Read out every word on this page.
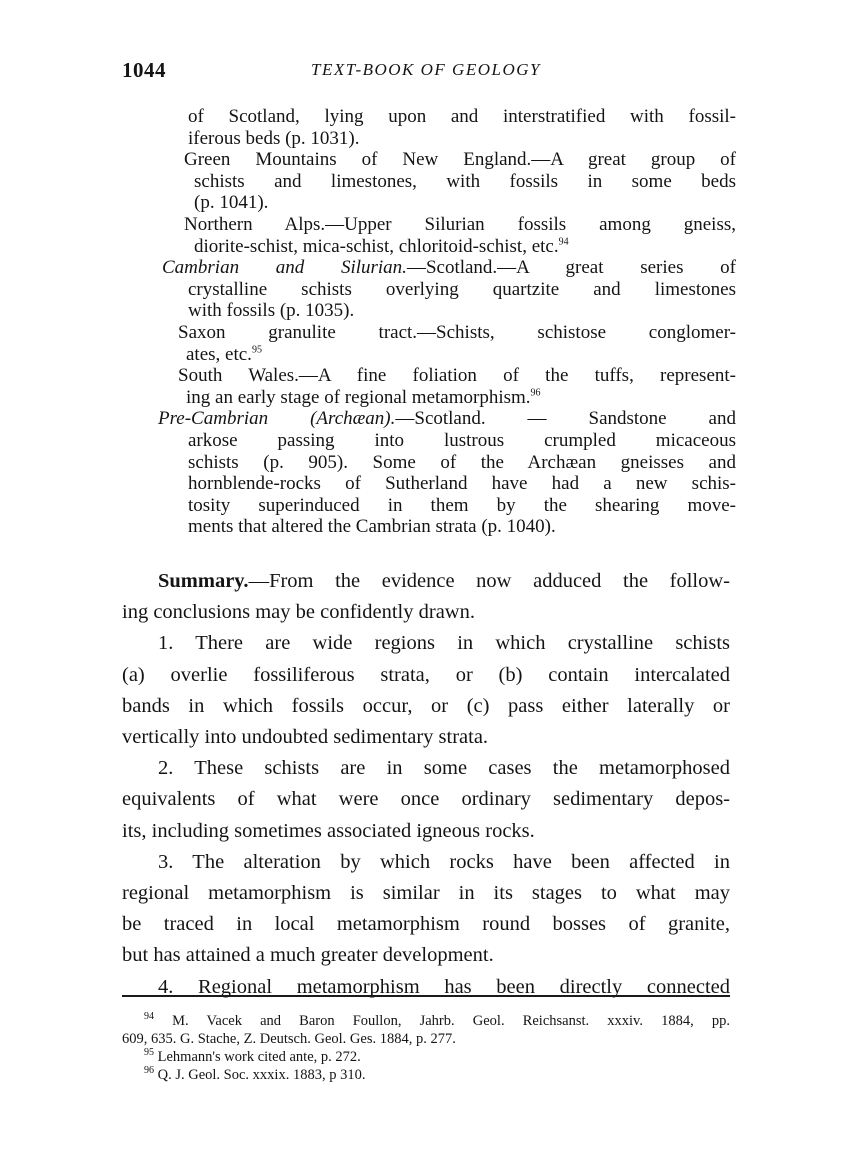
1044	TEXT-BOOK OF GEOLOGY
of Scotland, lying upon and interstratified with fossil-
iferous beds (p. 1031).
Green Mountains of New England.—A great group of
schists and limestones, with fossils in some beds
(p. 1041).
Northern Alps.—Upper Silurian fossils among gneiss,
diorite-schist, mica-schist, chloritoid-schist, etc.$^{94}$
Cambrian and Silurian.—Scotland.—A great series of
crystalline schists overlying quartzite and limestones
with fossils (p. 1035).
Saxon granulite tract.—Schists, schistose conglomer-
ates, etc.$^{95}$
South Wales.—A fine foliation of the tuffs, represent-
ing an early stage of regional metamorphism.$^{96}$
Pre-Cambrian (Archæan).—Scotland. — Sandstone and
arkose passing into lustrous crumpled micaceous
schists (p. 905). Some of the Archæan gneisses and
hornblende-rocks of Sutherland have had a new schis-
tosity superinduced in them by the shearing move-
ments that altered the Cambrian strata (p. 1040).
Summary.—From the evidence now adduced the follow-
ing conclusions may be confidently drawn.
1. There are wide regions in which crystalline schists
(a) overlie fossiliferous strata, or (b) contain intercalated
bands in which fossils occur, or (c) pass either laterally or
vertically into undoubted sedimentary strata.
2. These schists are in some cases the metamorphosed
equivalents of what were once ordinary sedimentary depos-
its, including sometimes associated igneous rocks.
3. The alteration by which rocks have been affected in
regional metamorphism is similar in its stages to what may
be traced in local metamorphism round bosses of granite,
but has attained a much greater development.
4. Regional metamorphism has been directly connected
$^{94}$ M. Vacek and Baron Foullon, Jahrb. Geol. Reichsanst. xxxiv. 1884, pp.
609, 635. G. Stache, Z. Deutsch. Geol. Ges. 1884, p. 277.
$^{95}$ Lehmann's work cited ante, p. 272.
$^{96}$ Q. J. Geol. Soc. xxxix. 1883, p 310.
